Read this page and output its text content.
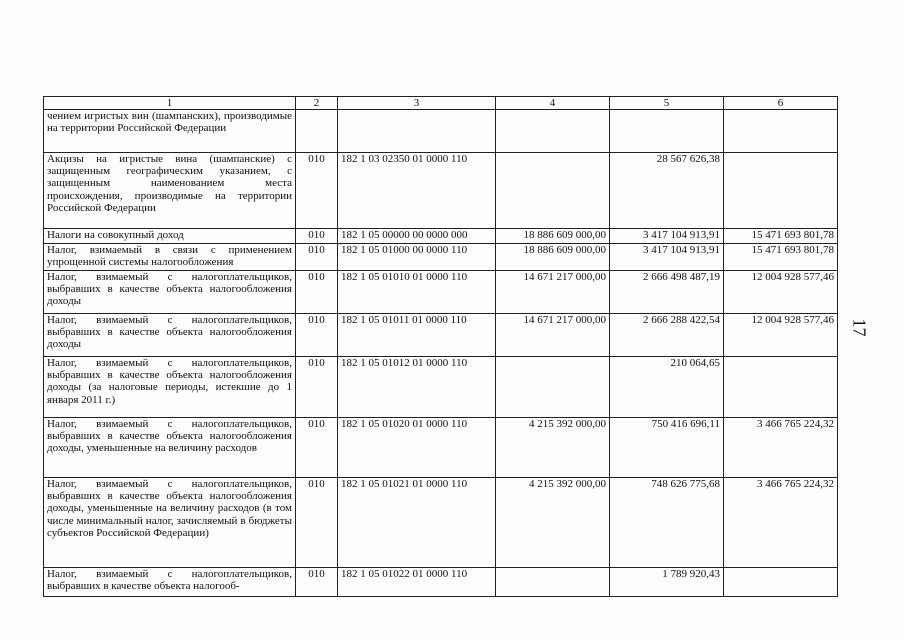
1	2	3	4	5	6
чением игристых вин (шампанских), производимые на территории Российской Федерации					
Акцизы на игристые вина (шампанские) с защищенным географическим указанием, с защищенным наименованием места происхождения, производимые на территории Российской Федерации	010	182 1 03 02350 01 0000 110		28 567 626,38	
Налоги на совокупный доход	010	182 1 05 00000 00 0000 000	18 886 609 000,00	3 417 104 913,91	15 471 693 801,78
Налог, взимаемый в связи с применением упрощенной системы налогообложения	010	182 1 05 01000 00 0000 110	18 886 609 000,00	3 417 104 913,91	15 471 693 801,78
Налог, взимаемый с налогоплательщиков, выбравших в качестве объекта налогообложения доходы	010	182 1 05 01010 01 0000 110	14 671 217 000,00	2 666 498 487,19	12 004 928 577,46
Налог, взимаемый с налогоплательщиков, выбравших в качестве объекта налогообложения доходы	010	182 1 05 01011 01 0000 110	14 671 217 000,00	2 666 288 422,54	12 004 928 577,46
Налог, взимаемый с налогоплательщиков, выбравших в качестве объекта налогообложения доходы (за налоговые периоды, истекшие до 1 января 2011 г.)	010	182 1 05 01012 01 0000 110		210 064,65	
Налог, взимаемый с налогоплательщиков, выбравших в качестве объекта налогообложения доходы, уменьшенные на величину расходов	010	182 1 05 01020 01 0000 110	4 215 392 000,00	750 416 696,11	3 466 765 224,32
Налог, взимаемый с налогоплательщиков, выбравших в качестве объекта налогообложения доходы, уменьшенные на величину расходов (в том числе минимальный налог, зачисляемый в бюджеты субъектов Российской Федерации)	010	182 1 05 01021 01 0000 110	4 215 392 000,00	748 626 775,68	3 466 765 224,32
Налог, взимаемый с налогоплательщиков, выбравших в качестве объекта налогооб-	010	182 1 05 01022 01 0000 110		1 789 920,43	
17
